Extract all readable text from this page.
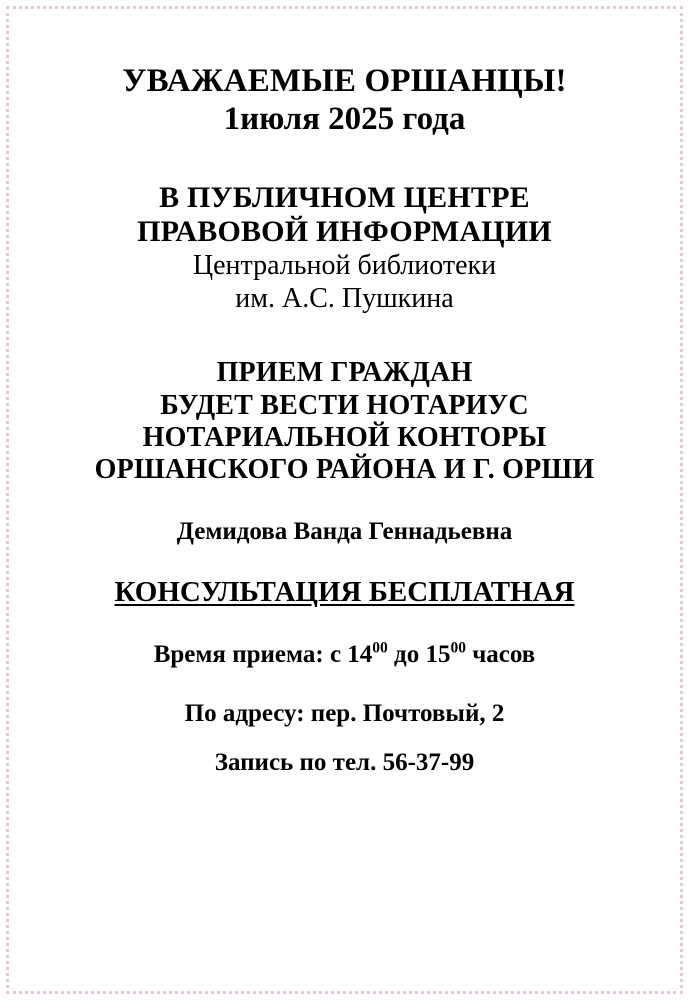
УВАЖАЕМЫЕ ОРШАНЦЫ!
1июля 2025 года
В ПУБЛИЧНОМ ЦЕНТРЕ
ПРАВОВОЙ ИНФОРМАЦИИ
Центральной библиотеки
им. А.С. Пушкина
ПРИЕМ ГРАЖДАН
БУДЕТ ВЕСТИ НОТАРИУС
НОТАРИАЛЬНОЙ КОНТОРЫ
ОРШАНСКОГО РАЙОНА И Г. ОРШИ
Демидова Ванда Геннадьевна
КОНСУЛЬТАЦИЯ БЕСПЛАТНАЯ
Время приема: с $14^{00}$ до $15^{00}$ часов
По адресу: пер. Почтовый, 2
Запись по тел. 56-37-99
